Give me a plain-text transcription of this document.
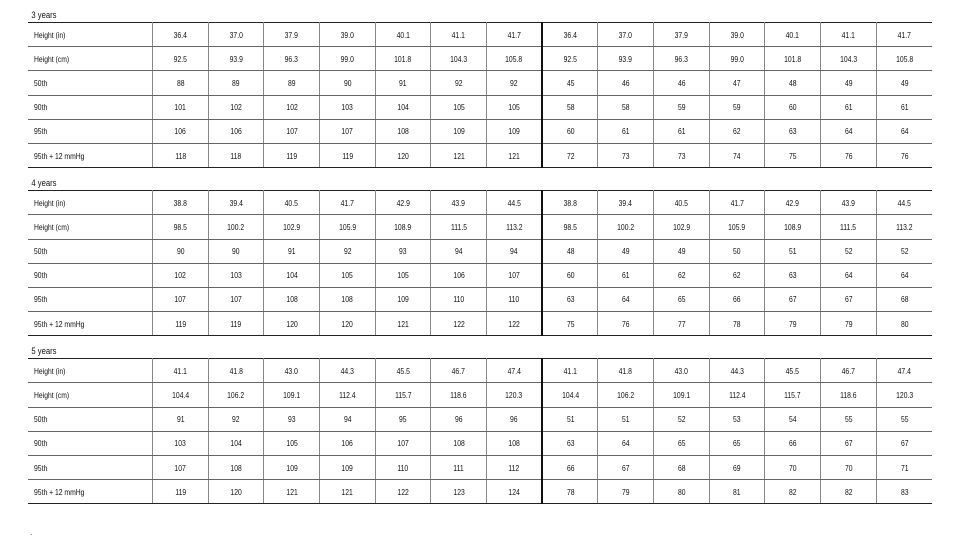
3 years
Height (in)	36.4	37.0	37.9	39.0	40.1	41.1	41.7	36.4	37.0	37.9	39.0	40.1	41.1	41.7
Height (cm)	92.5	93.9	96.3	99.0	101.8	104.3	105.8	92.5	93.9	96.3	99.0	101.8	104.3	105.8
50th	88	89	89	90	91	92	92	45	46	46	47	48	49	49
90th	101	102	102	103	104	105	105	58	58	59	59	60	61	61
95th	106	106	107	107	108	109	109	60	61	61	62	63	64	64
95th + 12 mmHg	118	118	119	119	120	121	121	72	73	73	74	75	76	76
4 years
Height (in)	38.8	39.4	40.5	41.7	42.9	43.9	44.5	38.8	39.4	40.5	41.7	42.9	43.9	44.5
Height (cm)	98.5	100.2	102.9	105.9	108.9	111.5	113.2	98.5	100.2	102.9	105.9	108.9	111.5	113.2
50th	90	90	91	92	93	94	94	48	49	49	50	51	52	52
90th	102	103	104	105	105	106	107	60	61	62	62	63	64	64
95th	107	107	108	108	109	110	110	63	64	65	66	67	67	68
95th + 12 mmHg	119	119	120	120	121	122	122	75	76	77	78	79	79	80
5 years
Height (in)	41.1	41.8	43.0	44.3	45.5	46.7	47.4	41.1	41.8	43.0	44.3	45.5	46.7	47.4
Height (cm)	104.4	106.2	109.1	112.4	115.7	118.6	120.3	104.4	106.2	109.1	112.4	115.7	118.6	120.3
50th	91	92	93	94	95	96	96	51	51	52	53	54	55	55
90th	103	104	105	106	107	108	108	63	64	65	65	66	67	67
95th	107	108	109	109	110	111	112	66	67	68	69	70	70	71
95th + 12 mmHg	119	120	121	121	122	123	124	78	79	80	81	82	82	83
.
